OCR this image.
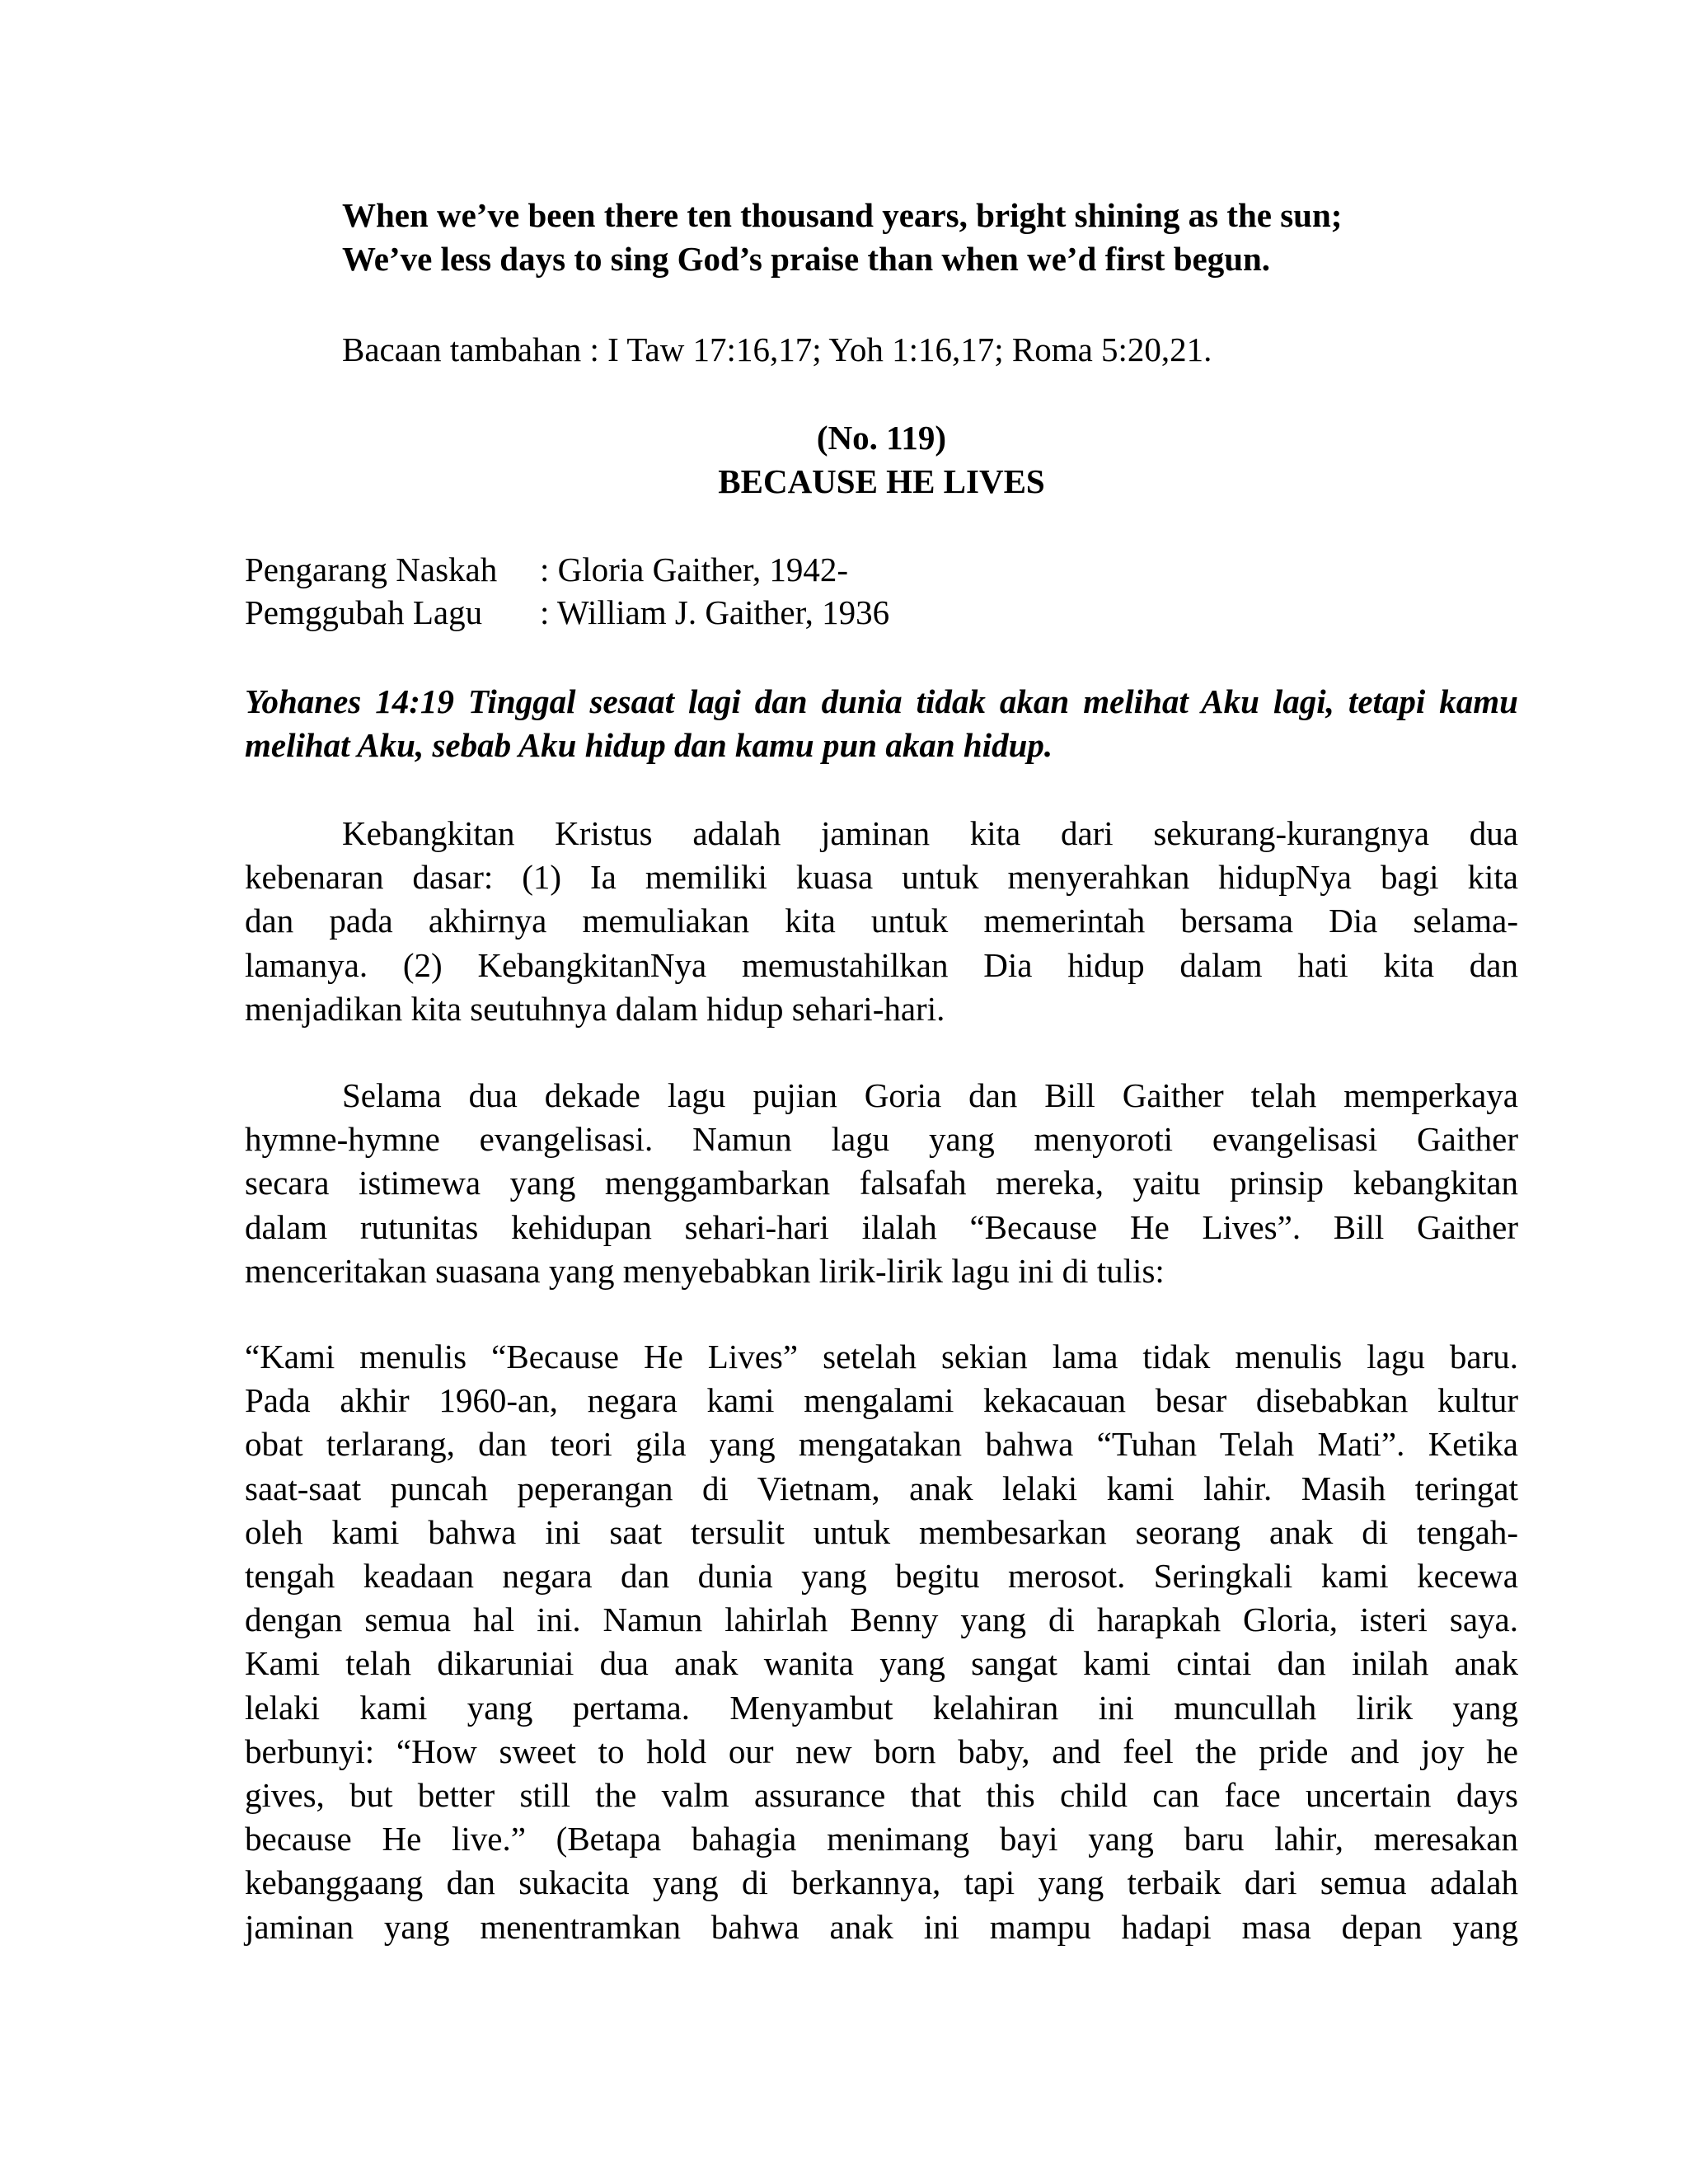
When we’ve been there ten thousand years, bright shining as the sun;
We’ve less days to sing God’s praise than when we’d first begun.

Bacaan tambahan : I Taw 17:16,17; Yoh 1:16,17; Roma 5:20,21.

(No. 119)
BECAUSE HE LIVES
Pengarang Naskah	: Gloria Gaither, 1942-
Pemggubah Lagu	: William J. Gaither, 1936

Yohanes 14:19 Tinggal sesaat lagi dan dunia tidak akan melihat Aku lagi, tetapi kamu melihat Aku, sebab Aku hidup dan kamu pun akan hidup.

Kebangkitan Kristus adalah jaminan kita dari sekurang-kurangnya dua
kebenaran dasar: (1) Ia memiliki kuasa untuk menyerahkan hidupNya bagi kita
dan pada akhirnya memuliakan kita untuk memerintah bersama Dia selama-
lamanya. (2) KebangkitanNya memustahilkan Dia hidup dalam hati kita dan
menjadikan kita seutuhnya dalam hidup sehari-hari.
Selama dua dekade lagu pujian Goria dan Bill Gaither telah memperkaya
hymne-hymne evangelisasi. Namun lagu yang menyoroti evangelisasi Gaither
secara istimewa yang menggambarkan falsafah mereka, yaitu prinsip kebangkitan
dalam rutunitas kehidupan sehari-hari ilalah “Because He Lives”. Bill Gaither
menceritakan suasana yang menyebabkan lirik-lirik lagu ini di tulis:
“Kami menulis “Because He Lives” setelah sekian lama tidak menulis lagu baru.
Pada akhir 1960-an, negara kami mengalami kekacauan besar disebabkan kultur
obat terlarang, dan teori gila yang mengatakan bahwa “Tuhan Telah Mati”. Ketika
saat-saat puncah peperangan di Vietnam, anak lelaki kami lahir. Masih teringat
oleh kami bahwa ini saat tersulit untuk membesarkan seorang anak di tengah-
tengah keadaan negara dan dunia yang begitu merosot. Seringkali kami kecewa
dengan semua hal ini. Namun lahirlah Benny yang di harapkah Gloria, isteri saya.
Kami telah dikaruniai dua anak wanita yang sangat kami cintai dan inilah anak
lelaki kami yang pertama. Menyambut kelahiran ini muncullah lirik yang
berbunyi: “How sweet to hold our new born baby, and feel the pride and joy he
gives, but better still the valm assurance that this child can face uncertain days
because He live.” (Betapa bahagia menimang bayi yang baru lahir, meresakan
kebanggaang dan sukacita yang di berkannya, tapi yang terbaik dari semua adalah
jaminan yang menentramkan bahwa anak ini mampu hadapi masa depan yang
